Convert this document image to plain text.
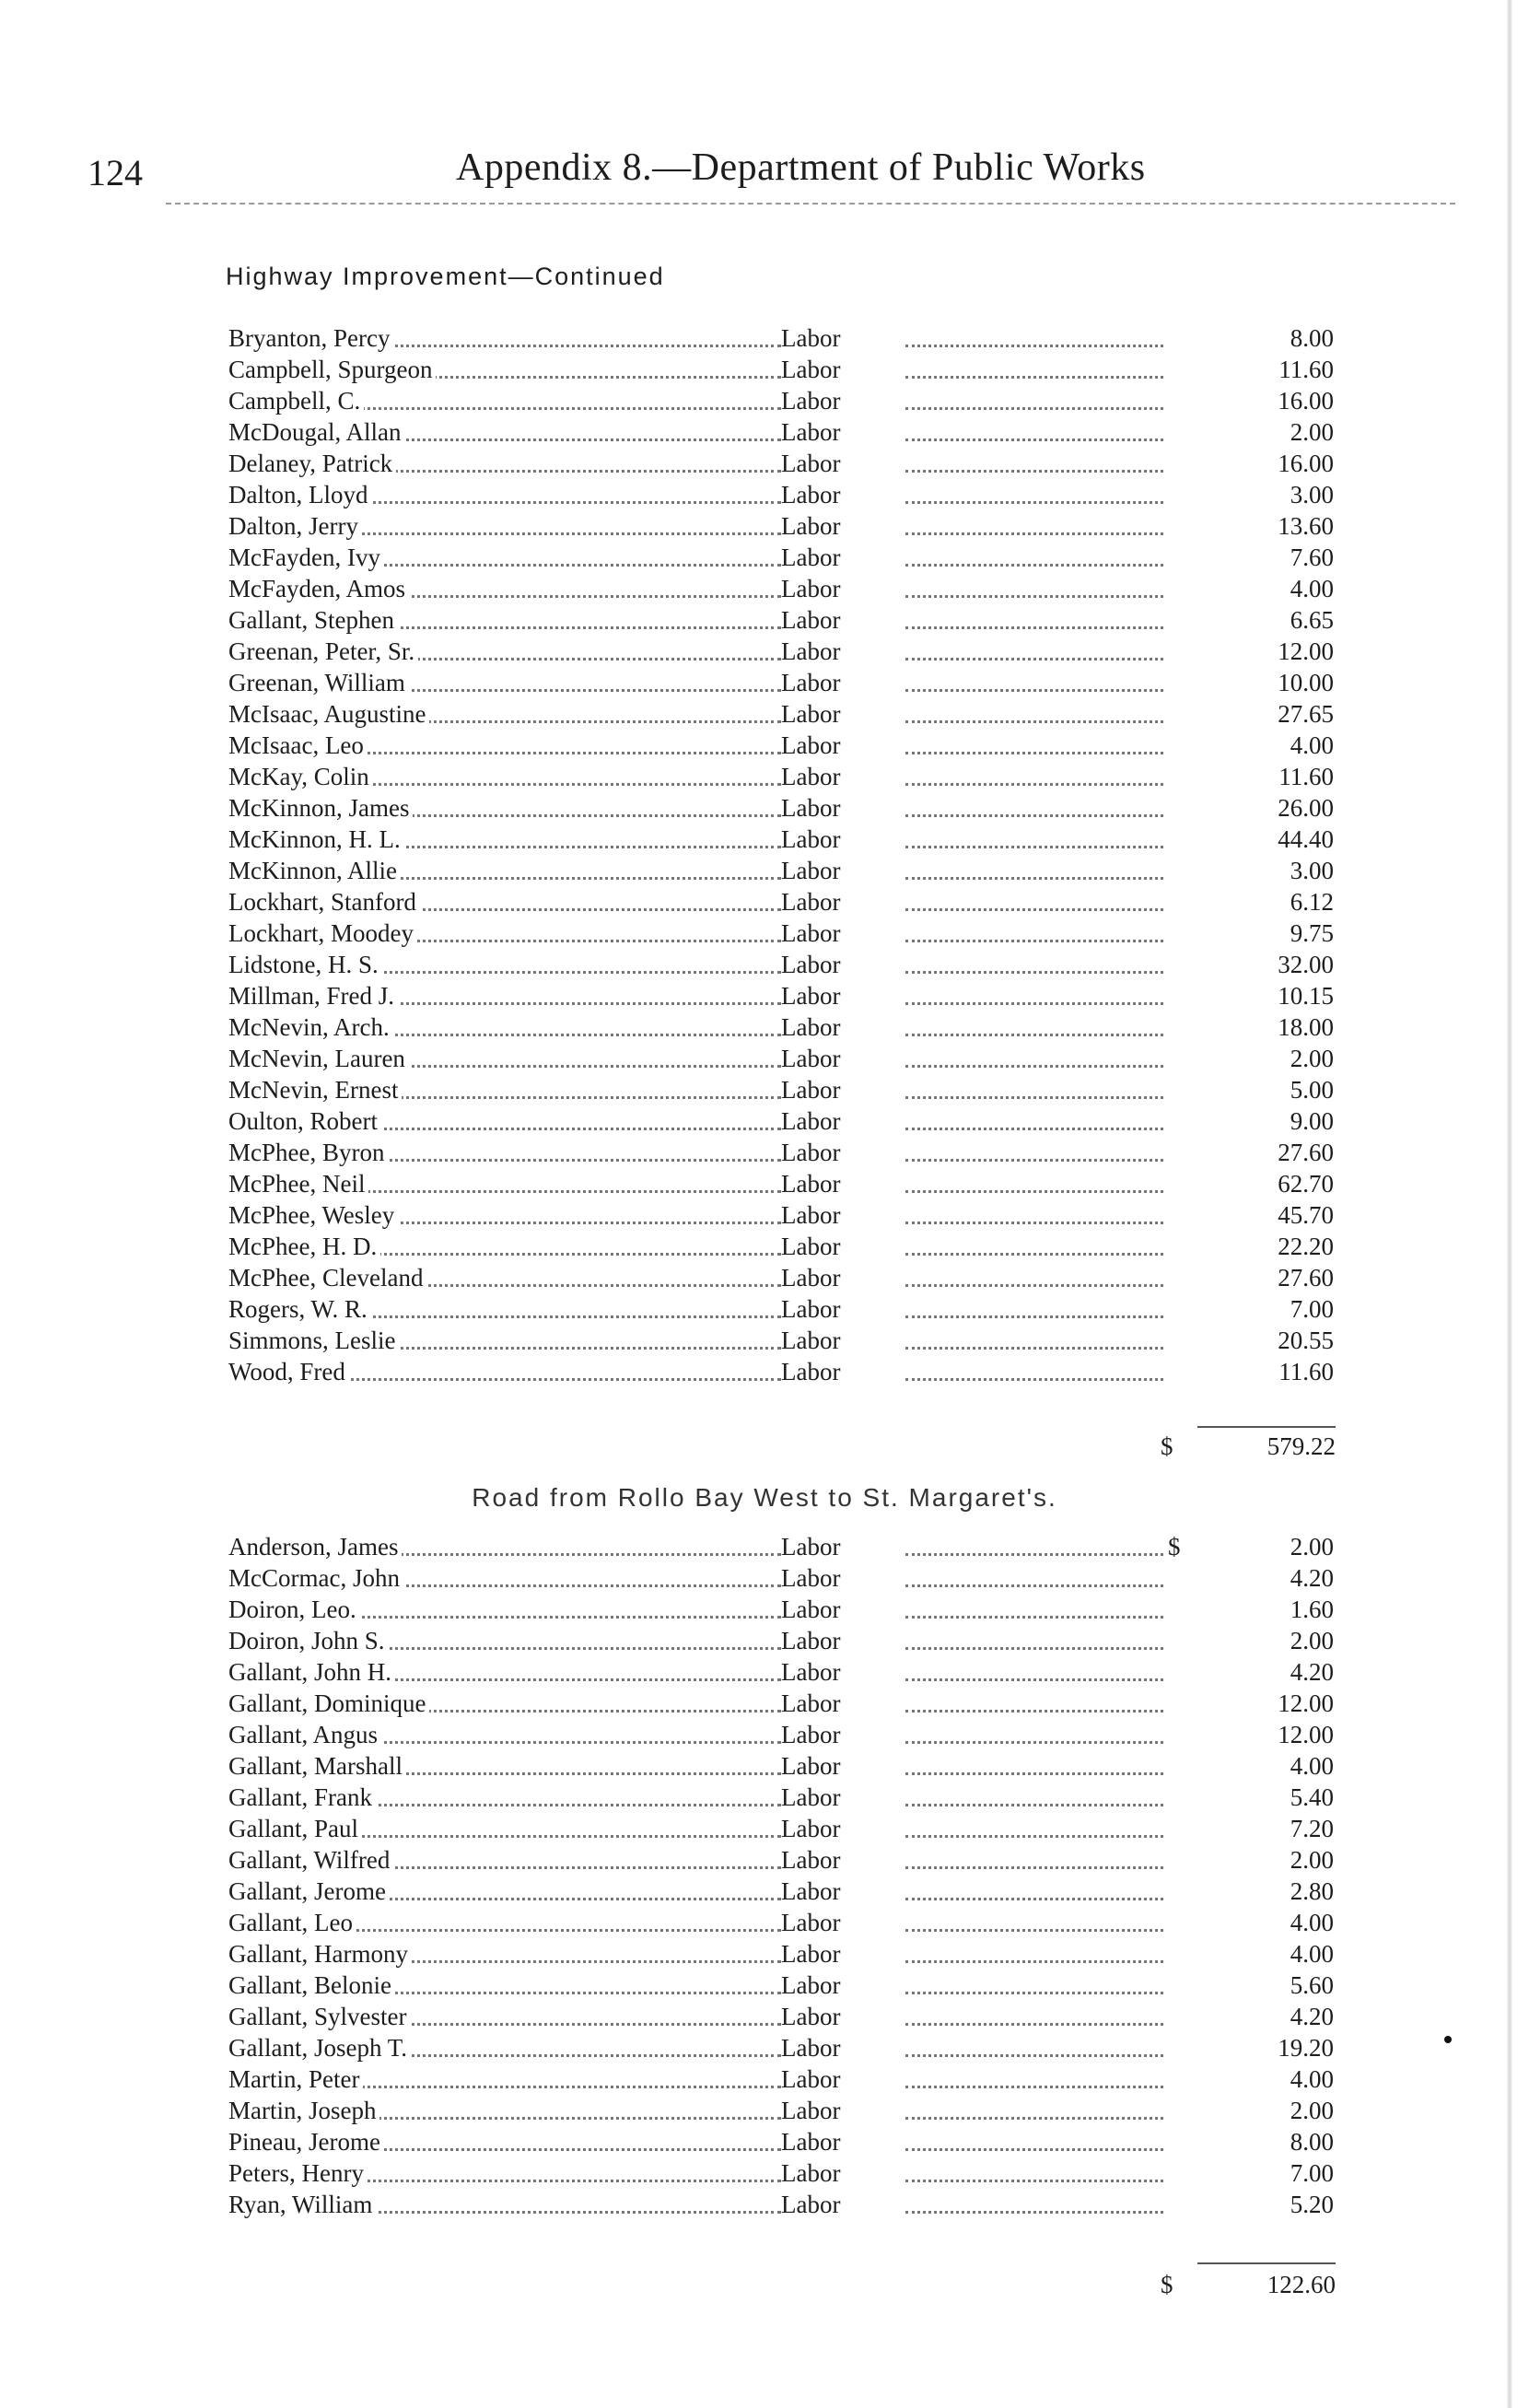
124	Appendix 8.—Department of Public Works
Highway Improvement—Continued
Bryanton, Percy	Labor	8.00
Campbell, Spurgeon	Labor	11.60
Campbell, C.	Labor	16.00
McDougal, Allan	Labor	2.00
Delaney, Patrick	Labor	16.00
Dalton, Lloyd	Labor	3.00
Dalton, Jerry	Labor	13.60
McFayden, Ivy	Labor	7.60
McFayden, Amos	Labor	4.00
Gallant, Stephen	Labor	6.65
Greenan, Peter, Sr.	Labor	12.00
Greenan, William	Labor	10.00
McIsaac, Augustine	Labor	27.65
McIsaac, Leo	Labor	4.00
McKay, Colin	Labor	11.60
McKinnon, James	Labor	26.00
McKinnon, H. L.	Labor	44.40
McKinnon, Allie	Labor	3.00
Lockhart, Stanford	Labor	6.12
Lockhart, Moodey	Labor	9.75
Lidstone, H. S.	Labor	32.00
Millman, Fred J.	Labor	10.15
McNevin, Arch.	Labor	18.00
McNevin, Lauren	Labor	2.00
McNevin, Ernest	Labor	5.00
Oulton, Robert	Labor	9.00
McPhee, Byron	Labor	27.60
McPhee, Neil	Labor	62.70
McPhee, Wesley	Labor	45.70
McPhee, H. D.	Labor	22.20
McPhee, Cleveland	Labor	27.60
Rogers, W. R.	Labor	7.00
Simmons, Leslie	Labor	20.55
Wood, Fred	Labor	11.60
$	579.22
Road from Rollo Bay West to St. Margaret's.
Anderson, James	Labor	$	2.00
McCormac, John	Labor	4.20
Doiron, Leo.	Labor	1.60
Doiron, John S.	Labor	2.00
Gallant, John H.	Labor	4.20
Gallant, Dominique	Labor	12.00
Gallant, Angus	Labor	12.00
Gallant, Marshall	Labor	4.00
Gallant, Frank	Labor	5.40
Gallant, Paul	Labor	7.20
Gallant, Wilfred	Labor	2.00
Gallant, Jerome	Labor	2.80
Gallant, Leo	Labor	4.00
Gallant, Harmony	Labor	4.00
Gallant, Belonie	Labor	5.60
Gallant, Sylvester	Labor	4.20
Gallant, Joseph T.	Labor	19.20
Martin, Peter	Labor	4.00
Martin, Joseph	Labor	2.00
Pineau, Jerome	Labor	8.00
Peters, Henry	Labor	7.00
Ryan, William	Labor	5.20
$	122.60
